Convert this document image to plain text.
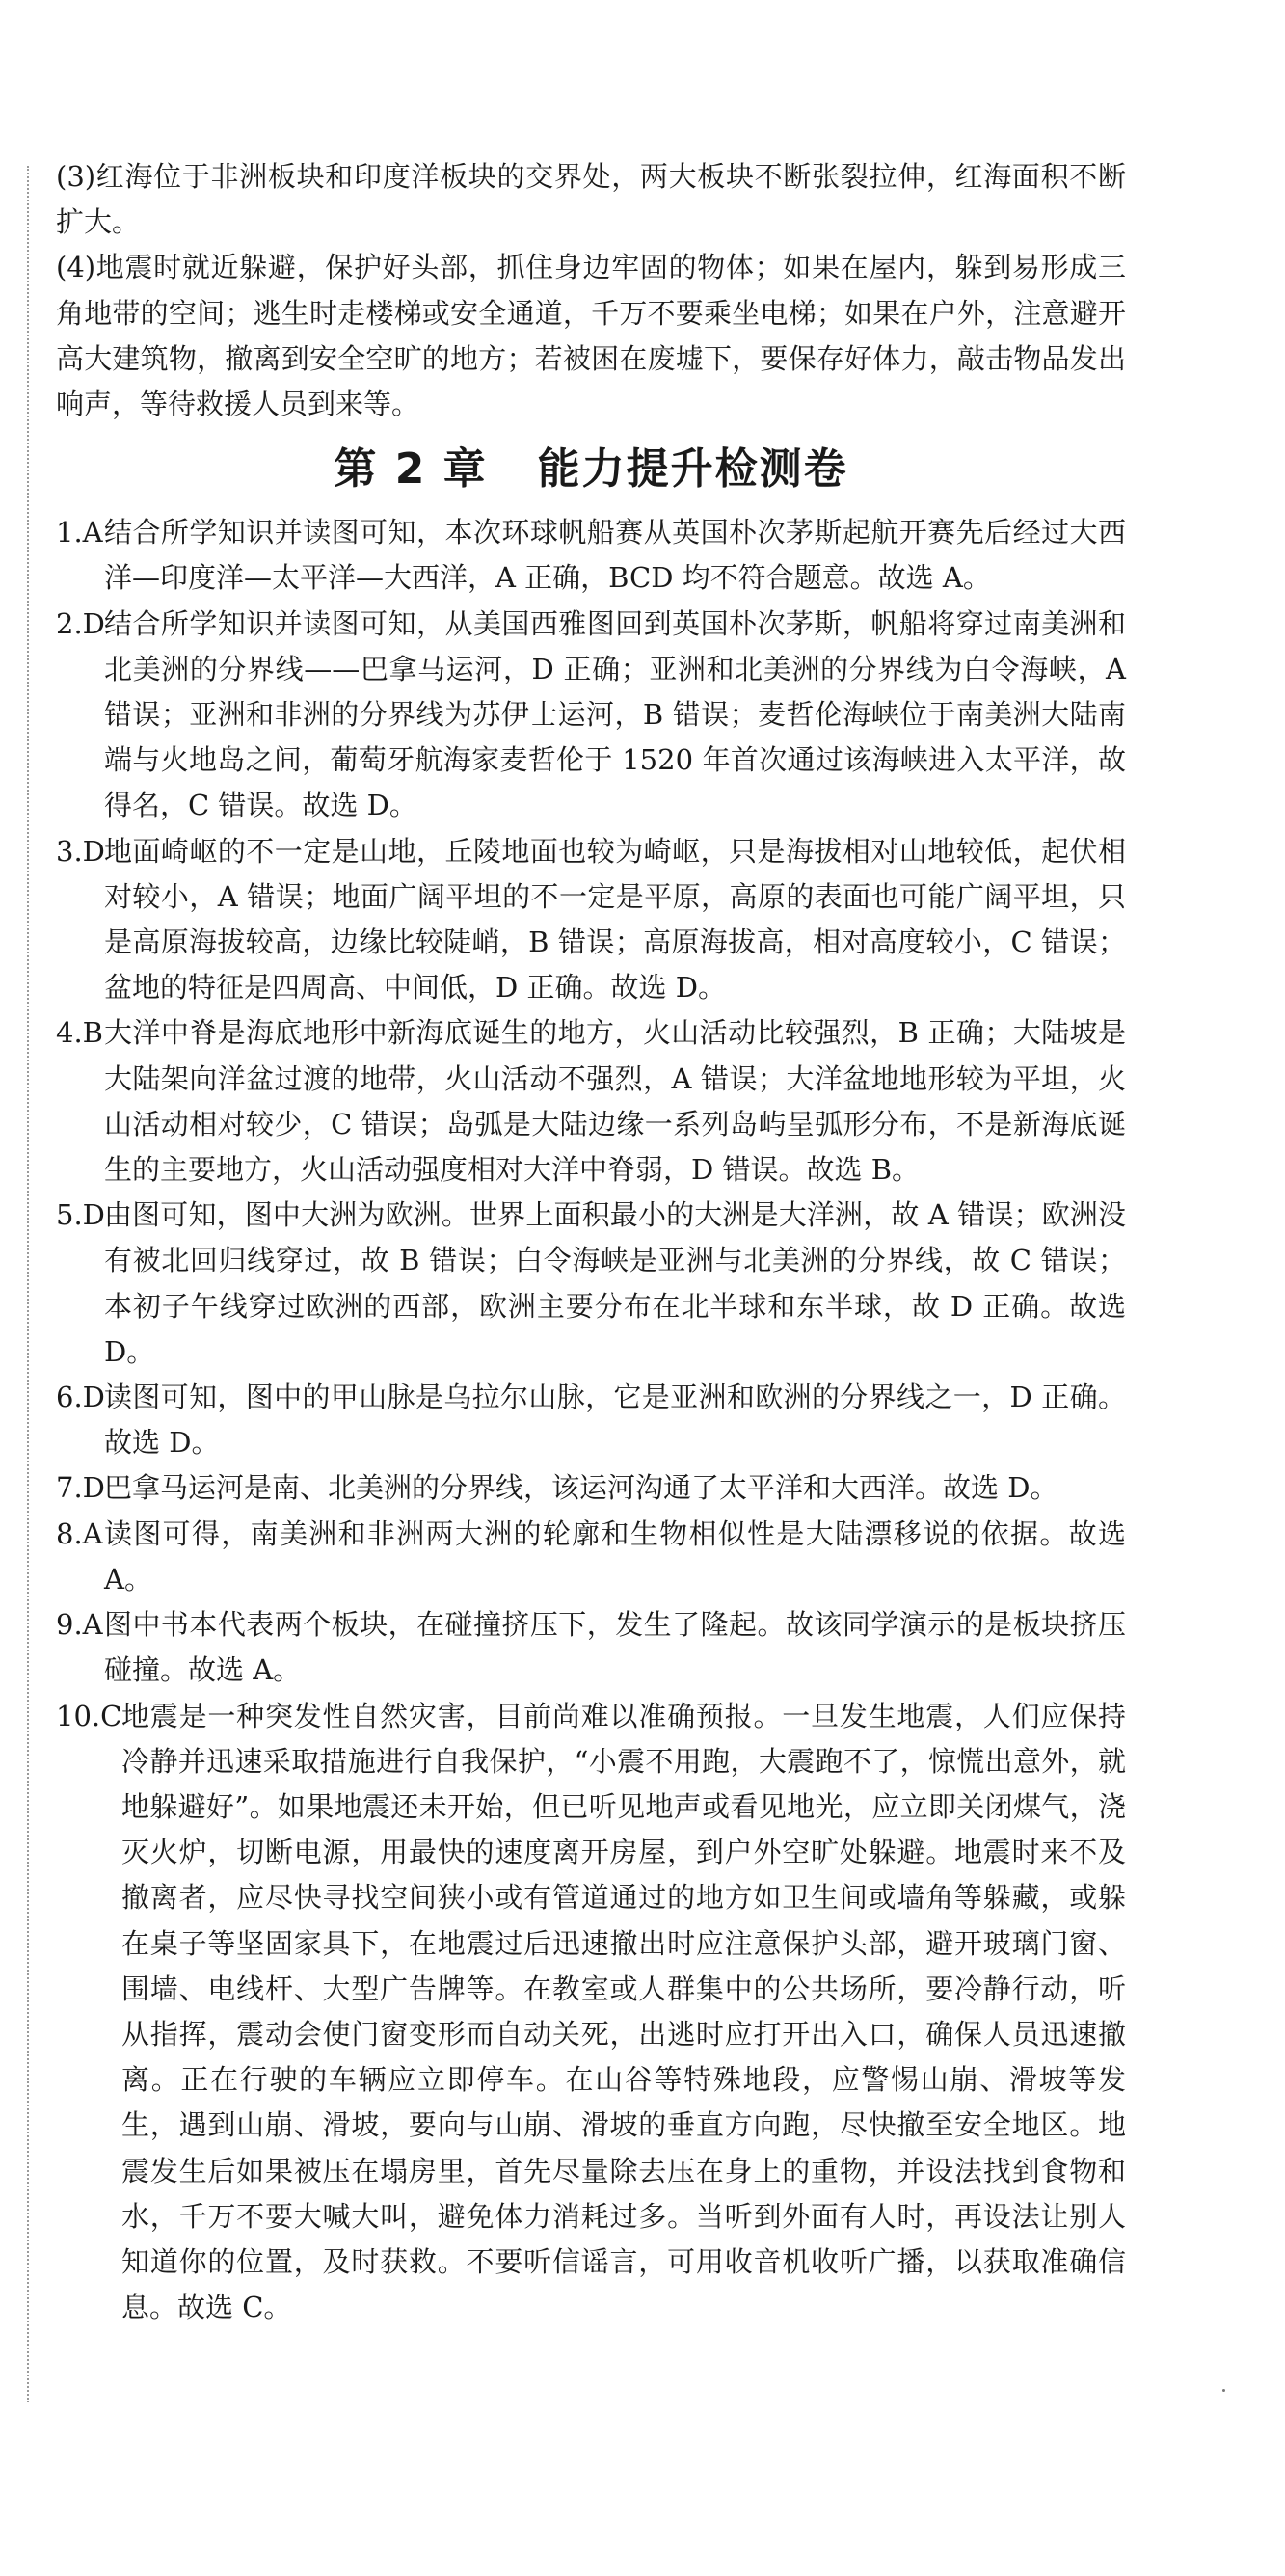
(3)红海位于非洲板块和印度洋板块的交界处，两大板块不断张裂拉伸，红海面积不断扩大。

(4)地震时就近躲避，保护好头部，抓住身边牢固的物体；如果在屋内，躲到易形成三角地带的空间；逃生时走楼梯或安全通道，千万不要乘坐电梯；如果在户外，注意避开高大建筑物，撤离到安全空旷的地方；若被困在废墟下，要保存好体力，敲击物品发出响声，等待救援人员到来等。

第 2 章 能力提升检测卷

1.A 结合所学知识并读图可知，本次环球帆船赛从英国朴次茅斯起航开赛先后经过大西洋—印度洋—太平洋—大西洋，A 正确，BCD 均不符合题意。故选 A。

2.D 结合所学知识并读图可知，从美国西雅图回到英国朴次茅斯，帆船将穿过南美洲和北美洲的分界线——巴拿马运河，D 正确；亚洲和北美洲的分界线为白令海峡，A 错误；亚洲和非洲的分界线为苏伊士运河，B 错误；麦哲伦海峡位于南美洲大陆南端与火地岛之间，葡萄牙航海家麦哲伦于 1520 年首次通过该海峡进入太平洋，故得名，C 错误。故选 D。

3.D 地面崎岖的不一定是山地，丘陵地面也较为崎岖，只是海拔相对山地较低，起伏相对较小，A 错误；地面广阔平坦的不一定是平原，高原的表面也可能广阔平坦，只是高原海拔较高，边缘比较陡峭，B 错误；高原海拔高，相对高度较小，C 错误；盆地的特征是四周高、中间低，D 正确。故选 D。

4.B 大洋中脊是海底地形中新海底诞生的地方，火山活动比较强烈，B 正确；大陆坡是大陆架向洋盆过渡的地带，火山活动不强烈，A 错误；大洋盆地地形较为平坦，火山活动相对较少，C 错误；岛弧是大陆边缘一系列岛屿呈弧形分布，不是新海底诞生的主要地方，火山活动强度相对大洋中脊弱，D 错误。故选 B。

5.D 由图可知，图中大洲为欧洲。世界上面积最小的大洲是大洋洲，故 A 错误；欧洲没有被北回归线穿过，故 B 错误；白令海峡是亚洲与北美洲的分界线，故 C 错误；本初子午线穿过欧洲的西部，欧洲主要分布在北半球和东半球，故 D 正确。故选 D。

6.D 读图可知，图中的甲山脉是乌拉尔山脉，它是亚洲和欧洲的分界线之一，D 正确。故选 D。

7.D 巴拿马运河是南、北美洲的分界线，该运河沟通了太平洋和大西洋。故选 D。

8.A 读图可得，南美洲和非洲两大洲的轮廓和生物相似性是大陆漂移说的依据。故选 A。

9.A 图中书本代表两个板块，在碰撞挤压下，发生了隆起。故该同学演示的是板块挤压碰撞。故选 A。

10.C 地震是一种突发性自然灾害，目前尚难以准确预报。一旦发生地震，人们应保持冷静并迅速采取措施进行自我保护，“小震不用跑，大震跑不了，惊慌出意外，就地躲避好”。如果地震还未开始，但已听见地声或看见地光，应立即关闭煤气，浇灭火炉，切断电源，用最快的速度离开房屋，到户外空旷处躲避。地震时来不及撤离者，应尽快寻找空间狭小或有管道通过的地方如卫生间或墙角等躲藏，或躲在桌子等坚固家具下，在地震过后迅速撤出时应注意保护头部，避开玻璃门窗、围墙、电线杆、大型广告牌等。在教室或人群集中的公共场所，要冷静行动，听从指挥，震动会使门窗变形而自动关死，出逃时应打开出入口，确保人员迅速撤离。正在行驶的车辆应立即停车。在山谷等特殊地段，应警惕山崩、滑坡等发生，遇到山崩、滑坡，要向与山崩、滑坡的垂直方向跑，尽快撤至安全地区。地震发生后如果被压在塌房里，首先尽量除去压在身上的重物，并设法找到食物和水，千万不要大喊大叫，避免体力消耗过多。当听到外面有人时，再设法让别人知道你的位置，及时获救。不要听信谣言，可用收音机收听广播，以获取准确信息。故选 C。
